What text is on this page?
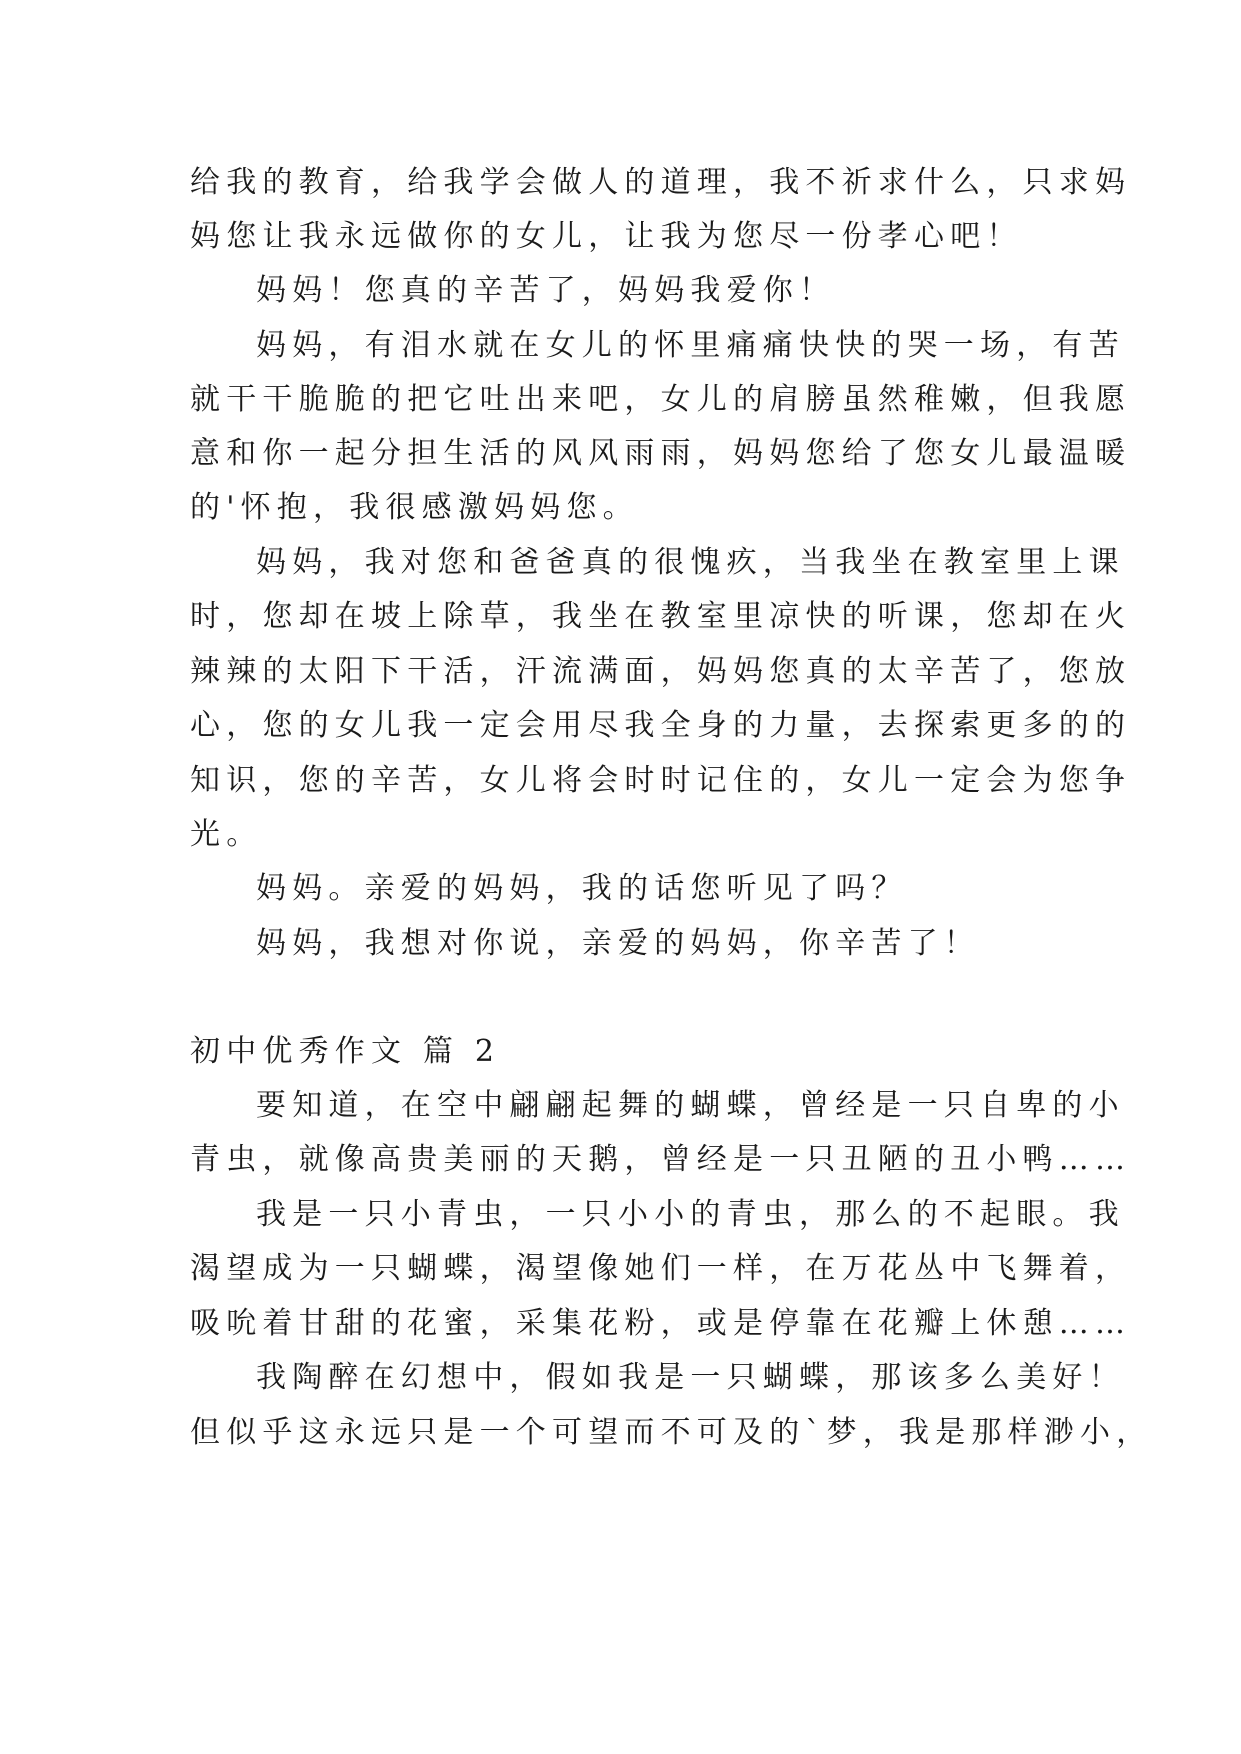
给我的教育，给我学会做人的道理，我不祈求什么，只求妈
妈您让我永远做你的女儿，让我为您尽一份孝心吧！
妈妈！您真的辛苦了，妈妈我爱你！
妈妈，有泪水就在女儿的怀里痛痛快快的哭一场，有苦
就干干脆脆的把它吐出来吧，女儿的肩膀虽然稚嫩，但我愿
意和你一起分担生活的风风雨雨，妈妈您给了您女儿最温暖
的'怀抱，我很感激妈妈您。
妈妈，我对您和爸爸真的很愧疚，当我坐在教室里上课
时，您却在坡上除草，我坐在教室里凉快的听课，您却在火
辣辣的太阳下干活，汗流满面，妈妈您真的太辛苦了，您放
心，您的女儿我一定会用尽我全身的力量，去探索更多的的
知识，您的辛苦，女儿将会时时记住的，女儿一定会为您争
光。
妈妈。亲爱的妈妈，我的话您听见了吗？
妈妈，我想对你说，亲爱的妈妈，你辛苦了！
初中优秀作文 篇 2
要知道，在空中翩翩起舞的蝴蝶，曾经是一只自卑的小
青虫，就像高贵美丽的天鹅，曾经是一只丑陋的丑小鸭……
我是一只小青虫，一只小小的青虫，那么的不起眼。我
渴望成为一只蝴蝶，渴望像她们一样，在万花丛中飞舞着，
吸吮着甘甜的花蜜，采集花粉，或是停靠在花瓣上休憩……
我陶醉在幻想中，假如我是一只蝴蝶，那该多么美好！
但似乎这永远只是一个可望而不可及的`梦，我是那样渺小，
